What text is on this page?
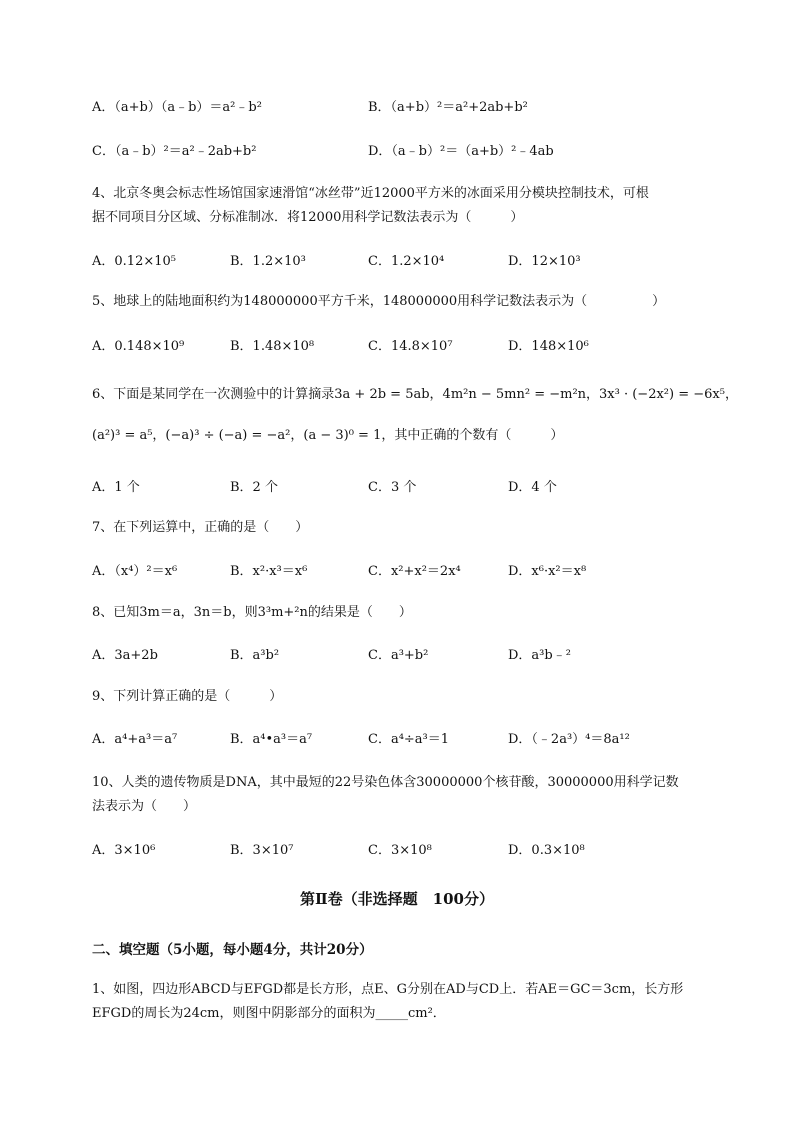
A．（a+b）（a﹣b）＝a²﹣b²	B．（a+b）²＝a²+2ab+b²
C．（a﹣b）²＝a²﹣2ab+b²	D．（a﹣b）²＝（a+b）²﹣4ab
4、北京冬奥会标志性场馆国家速滑馆“冰丝带”近12000平方米的冰面采用分模块控制技术，可根
据不同项目分区域、分标准制冰．将12000用科学记数法表示为（　　　）
A．0.12×10⁵	B．1.2×10³	C．1.2×10⁴	D．12×10³
5、地球上的陆地面积约为148000000平方千米，148000000用科学记数法表示为（　　　　　）
A．0.148×10⁹	B．1.48×10⁸	C．14.8×10⁷	D．148×10⁶
6、下面是某同学在一次测验中的计算摘录3a + 2b = 5ab，4m²n − 5mn² = −m²n，3x³ · (−2x²) = −6x⁵，
(a²)³ = a⁵，(−a)³ ÷ (−a) = −a²，(a − 3)⁰ = 1，其中正确的个数有（　　　）
A．1 个	B．2 个	C．3 个	D．4 个
7、在下列运算中，正确的是（　　）
A．（x⁴）²＝x⁶	B．x²·x³＝x⁶	C．x²+x²＝2x⁴	D．x⁶·x²＝x⁸
8、已知3m＝a，3n＝b，则3³m+²n的结果是（　　）
A．3a+2b	B．a³b²	C．a³+b²	D．a³b﹣²
9、下列计算正确的是（　　　）
A．a⁴+a³＝a⁷	B．a⁴•a³＝a⁷	C．a⁴÷a³＝1	D．（﹣2a³）⁴＝8a¹²
10、人类的遗传物质是DNA，其中最短的22号染色体含30000000个核苷酸，30000000用科学记数
法表示为（　　）
A．3×10⁶	B．3×10⁷	C．3×10⁸	D．0.3×10⁸
第Ⅱ卷（非选择题　100分）
二、填空题（5小题，每小题4分，共计20分）
1、如图，四边形ABCD与EFGD都是长方形，点E、G分别在AD与CD上．若AE＝GC＝3cm，长方形
EFGD的周长为24cm，则图中阴影部分的面积为_____cm²．
